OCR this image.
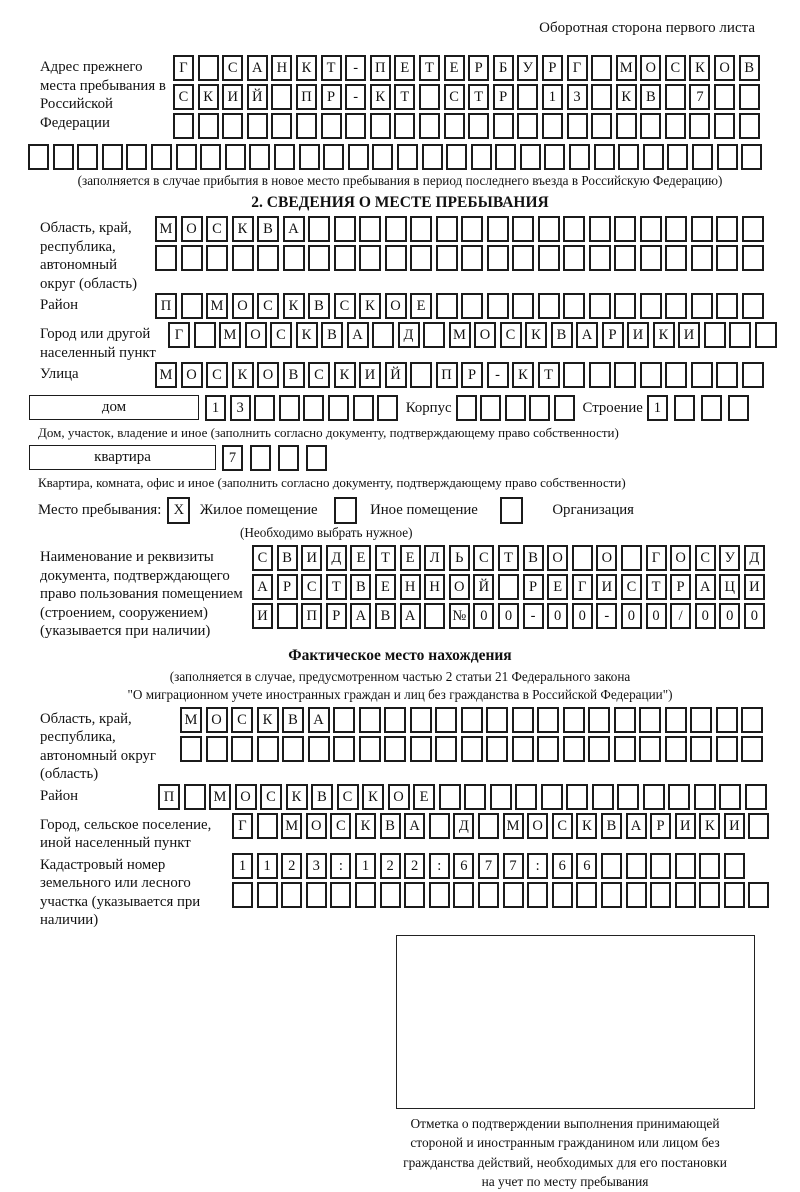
Оборотная сторона первого листа
Адрес прежнего места пребывания в Российской Федерации
Г	С А Н К Т - П Е Т Е Р Б У Р Г	М О С К О В
С К И Й	П Р - К Т	С Т Р	1 3	К В	7
(заполняется в случае прибытия в новое место пребывания в период последнего въезда в Российскую Федерацию)
2. СВЕДЕНИЯ О МЕСТЕ ПРЕБЫВАНИЯ
Область, край, республика, автономный округ (область)
М О С К В А
Район	П	М О С К В С К О Е
Город или другой населенный пункт
Г	М О С К В А	Д	М О С К В А Р И К И
Улица	М О С К О В С К И Й	П Р - К Т
дом	1 3	Корпус	Строение 1
Дом, участок, владение и иное (заполнить согласно документу, подтверждающему право собственности)
квартира	7
Квартира, комната, офис и иное (заполнить согласно документу, подтверждающему право собственности)
Место пребывания: X	Жилое помещение	Иное помещение	Организация
(Необходимо выбрать нужное)
Наименование и реквизиты документа, подтверждающего право пользования помещением (строением, сооружением) (указывается при наличии)
С В И Д Е Т Е Л Ь С Т В О	О	Г О С У Д
А Р С Т В Е Н Н О Й	Р Е Г И С Т Р А Ц И
И	П Р А В А	№ 0 0 - 0 0 - 0 0 / 0 0 0
Фактическое место нахождения
(заполняется в случае, предусмотренном частью 2 статьи 21 Федерального закона
"О миграционном учете иностранных граждан и лиц без гражданства в Российской Федерации")
Область, край, республика, автономный округ (область)
М О С К В А
Район	П	М О С К В С К О Е
Город, сельское поселение, иной населенный пункт
Г	М О С К В А	Д	М О С К В А Р И К И
Кадастровый номер земельного или лесного участка (указывается при наличии)
1 1 2 3 : 1 2 2 : 6 7 7 : 6 6
Отметка о подтверждении выполнения принимающей
стороной и иностранным гражданином или лицом без
гражданства действий, необходимых для его постановки
на учет по месту пребывания
